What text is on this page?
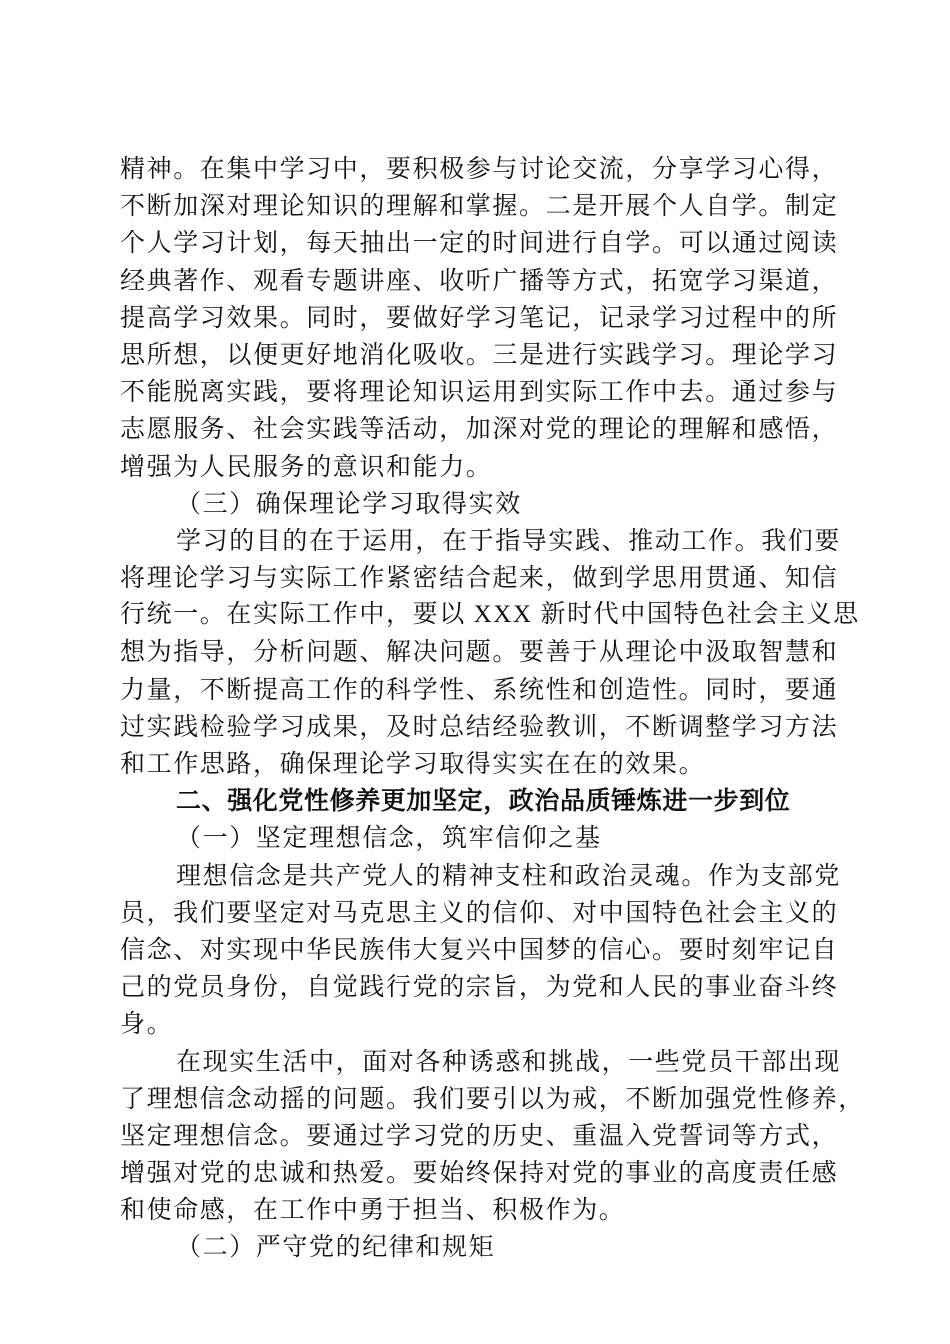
精神。在集中学习中，要积极参与讨论交流，分享学习心得，
不断加深对理论知识的理解和掌握。二是开展个人自学。制定
个人学习计划，每天抽出一定的时间进行自学。可以通过阅读
经典著作、观看专题讲座、收听广播等方式，拓宽学习渠道，
提高学习效果。同时，要做好学习笔记，记录学习过程中的所
思所想，以便更好地消化吸收。三是进行实践学习。理论学习
不能脱离实践，要将理论知识运用到实际工作中去。通过参与
志愿服务、社会实践等活动，加深对党的理论的理解和感悟，
增强为人民服务的意识和能力。
（三）确保理论学习取得实效
学习的目的在于运用，在于指导实践、推动工作。我们要
将理论学习与实际工作紧密结合起来，做到学思用贯通、知信
行统一。在实际工作中，要以 XXX 新时代中国特色社会主义思
想为指导，分析问题、解决问题。要善于从理论中汲取智慧和
力量，不断提高工作的科学性、系统性和创造性。同时，要通
过实践检验学习成果，及时总结经验教训，不断调整学习方法
和工作思路，确保理论学习取得实实在在的效果。
二、强化党性修养更加坚定，政治品质锤炼进一步到位
（一）坚定理想信念，筑牢信仰之基
理想信念是共产党人的精神支柱和政治灵魂。作为支部党
员，我们要坚定对马克思主义的信仰、对中国特色社会主义的
信念、对实现中华民族伟大复兴中国梦的信心。要时刻牢记自
己的党员身份，自觉践行党的宗旨，为党和人民的事业奋斗终
身。
在现实生活中，面对各种诱惑和挑战，一些党员干部出现
了理想信念动摇的问题。我们要引以为戒，不断加强党性修养，
坚定理想信念。要通过学习党的历史、重温入党誓词等方式，
增强对党的忠诚和热爱。要始终保持对党的事业的高度责任感
和使命感，在工作中勇于担当、积极作为。
（二）严守党的纪律和规矩
